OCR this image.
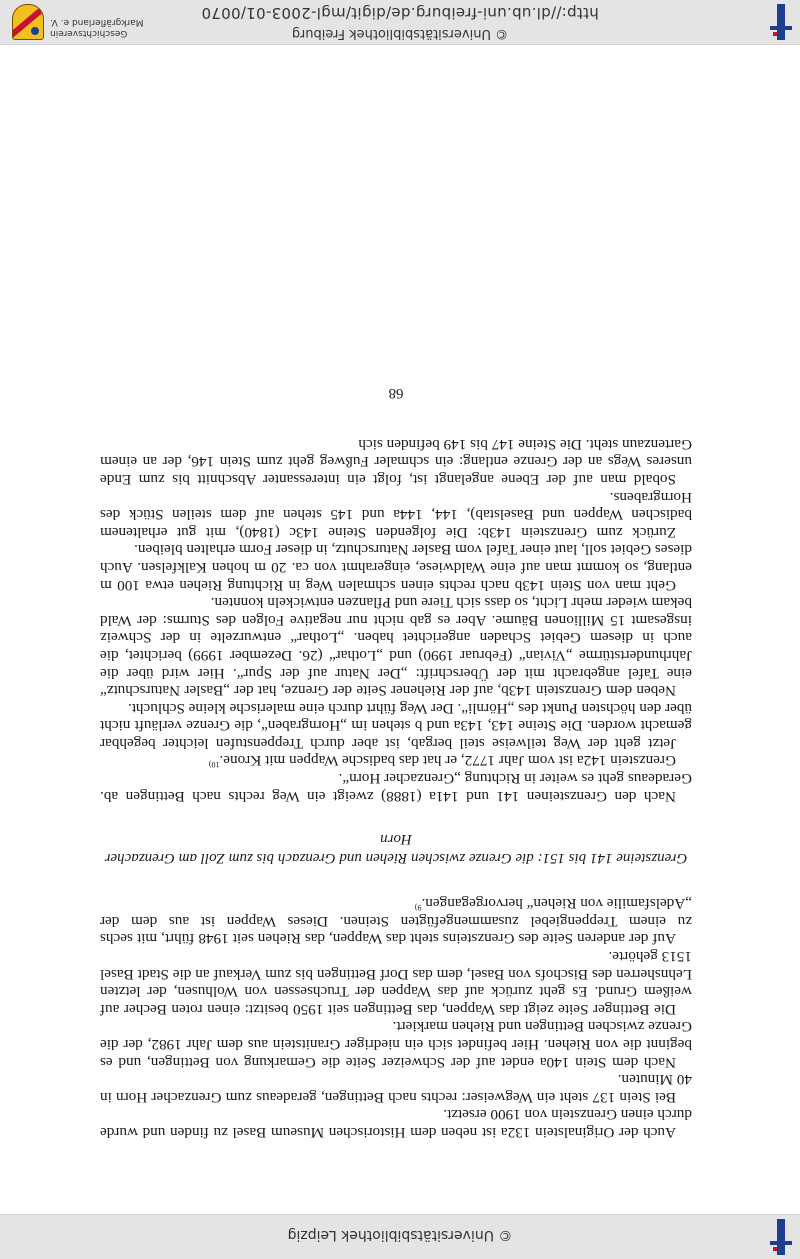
© Universitätsbibliothek Leipzig

Auch der Originalstein 132a ist neben dem Historischen Museum Basel zu finden und wurde durch einen Grenzstein von 1900 ersetzt.

Bei Stein 137 steht ein Wegweiser: rechts nach Bettingen, geradeaus zum Grenzacher Horn in 40 Minuten.

Nach dem Stein 140a endet auf der Schweizer Seite die Gemarkung von Bettingen, und es beginnt die von Riehen. Hier befindet sich ein niedriger Granitstein aus dem Jahr 1982, der die Grenze zwischen Bettingen und Riehen markiert.

Die Bettinger Seite zeigt das Wappen, das Bettingen seit 1950 besitzt: einen roten Becher auf weißem Grund. Es geht zurück auf das Wappen der Truchsessen von Wolhusen, der letzten Lehnsherren des Bischofs von Basel, dem das Dorf Bettingen bis zum Verkauf an die Stadt Basel 1513 gehörte.

Auf der anderen Seite des Grenzsteins steht das Wappen, das Riehen seit 1948 führt, mit sechs zu einem Treppengiebel zusammengefügten Steinen. Dieses Wappen ist aus dem der „Adelsfamilie von Riehen“ hervorgegangen.$^{9)}$

Grenzsteine 141 bis 151: die Grenze zwischen Riehen und Grenzach bis zum Zoll am Grenzacher Horn

Nach den Grenzsteinen 141 und 141a (1888) zweigt ein Weg rechts nach Bettingen ab. Geradeaus geht es weiter in Richtung „Grenzacher Horn“.

Grenzstein 142a ist vom Jahr 1772, er hat das badische Wappen mit Krone.$^{10)}$

Jetzt geht der Weg teilweise steil bergab, ist aber durch Treppenstufen leichter begehbar gemacht worden. Die Steine 143, 143a und b stehen im „Horngraben“, die Grenze verläuft nicht über den höchsten Punkt des „Hörnli“. Der Weg führt durch eine malerische kleine Schlucht.

Neben dem Grenzstein 143b, auf der Riehener Seite der Grenze, hat der „Basler Naturschutz“ eine Tafel angebracht mit der Überschrift: „Der Natur auf der Spur“. Hier wird über die Jahrhundertstürme „Vivian“ (Februar 1990) und „Lothar“ (26. Dezember 1999) berichtet, die auch in diesem Gebiet Schaden angerichtet haben. „Lothar“ entwurzelte in der Schweiz insgesamt 15 Millionen Bäume. Aber es gab nicht nur negative Folgen des Sturms: der Wald bekam wieder mehr Licht, so dass sich Tiere und Pflanzen entwickeln konnten.

Geht man von Stein 143b nach rechts einen schmalen Weg in Richtung Riehen etwa 100 m entlang, so kommt man auf eine Waldwiese, eingerahmt von ca. 20 m hohen Kalkfelsen. Auch dieses Gebiet soll, laut einer Tafel vom Basler Naturschutz, in dieser Form erhalten bleiben.

Zurück zum Grenzstein 143b: Die folgenden Steine 143c (1840), mit gut erhaltenem badischen Wappen und Baselstab), 144, 144a und 145 stehen auf dem steilen Stück des Horngrabens.

Sobald man auf der Ebene angelangt ist, folgt ein interessanter Abschnitt bis zum Ende unseres Wegs an der Grenze entlang: ein schmaler Fußweg geht zum Stein 146, der an einem Gartenzaun steht. Die Steine 147 bis 149 befinden sich

68
© Universitätsbibliothek Freiburg
http://dl.ub.uni-freiburg.de/digit/mgl-2003-01/0070
Geschichtsverein
Markgräflerland e. V.
